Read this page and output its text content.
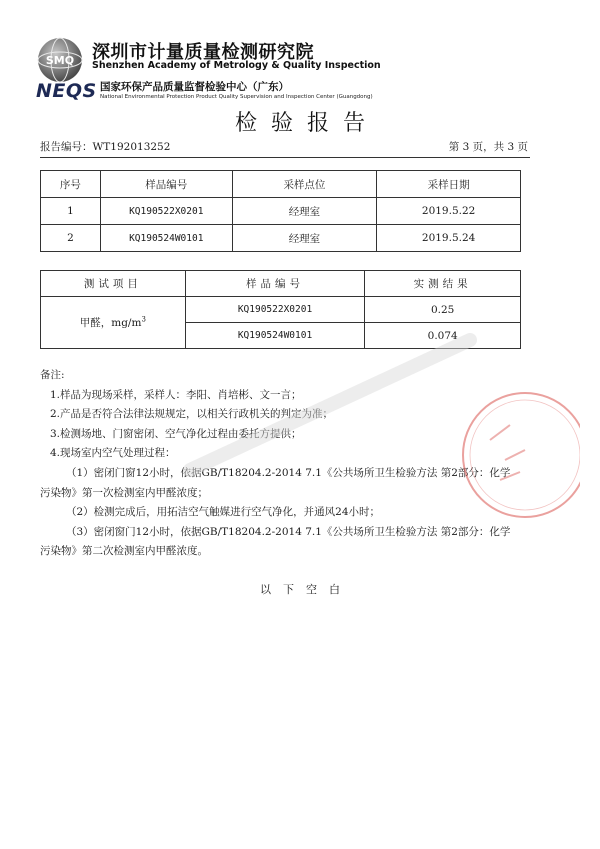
SMQ 深圳市计量质量检测研究院
Shenzhen Academy of Metrology & Quality Inspection
NEQS 国家环保产品质量监督检验中心（广东）
National Environmental Protection Product Quality Supervision and Inspection Center (Guangdong)
检验报告
报告编号：WT192013252	第 3 页，共 3 页
序号	样品编号	采样点位	采样日期
1	KQ190522X0201	经理室	2019.5.22
2	KQ190524W0101	经理室	2019.5.24
测试项目	样品编号	实测结果
甲醛，$mg/m^3$	KQ190522X0201	0.25
	KQ190524W0101	0.074
备注:
1.样品为现场采样，采样人：李阳、肖培彬、文一言；
2.产品是否符合法律法规规定，以相关行政机关的判定为准；
3.检测场地、门窗密闭、空气净化过程由委托方提供；
4.现场室内空气处理过程：
（1）密闭门窗12小时，依据GB/T18204.2-2014 7.1《公共场所卫生检验方法 第2部分：化学
污染物》第一次检测室内甲醛浓度；
（2）检测完成后，用拓洁空气触媒进行空气净化，并通风24小时；
（3）密闭窗门12小时，依据GB/T18204.2-2014 7.1《公共场所卫生检验方法 第2部分：化学
污染物》第二次检测室内甲醛浓度。
以下空白
